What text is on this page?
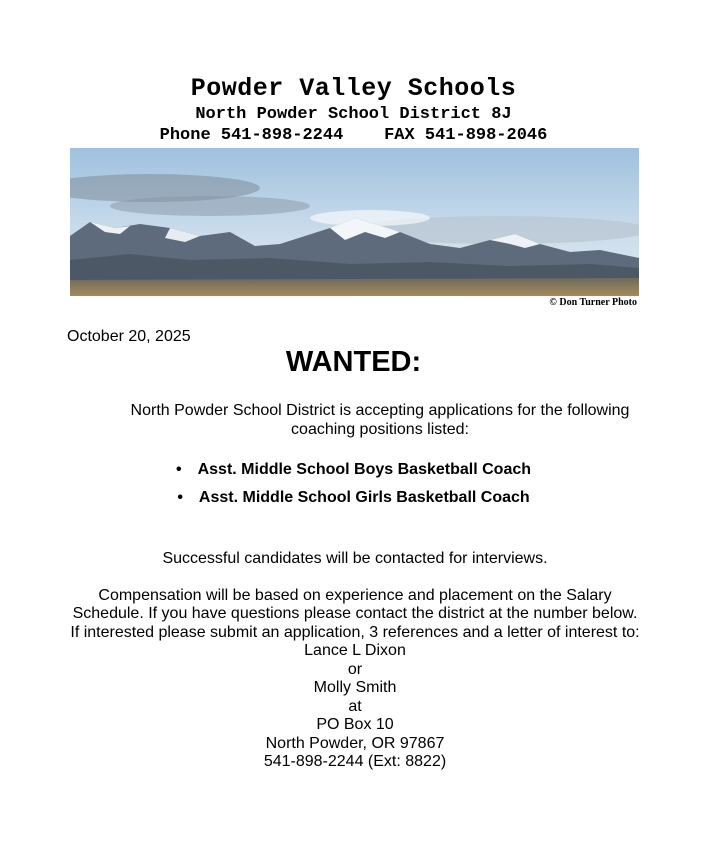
Powder Valley Schools
North Powder School District 8J
Phone 541-898-2244    FAX 541-898-2046
© Don Turner Photo
October 20, 2025
WANTED:
North Powder School District is accepting applications for the following coaching positions listed:
• Asst. Middle School Boys Basketball Coach
• Asst. Middle School Girls Basketball Coach
Successful candidates will be contacted for interviews.
Compensation will be based on experience and placement on the Salary
Schedule. If you have questions please contact the district at the number below.
If interested please submit an application, 3 references and a letter of interest to:
Lance L Dixon
or
Molly Smith
at
PO Box 10
North Powder, OR 97867
541-898-2244 (Ext: 8822)
